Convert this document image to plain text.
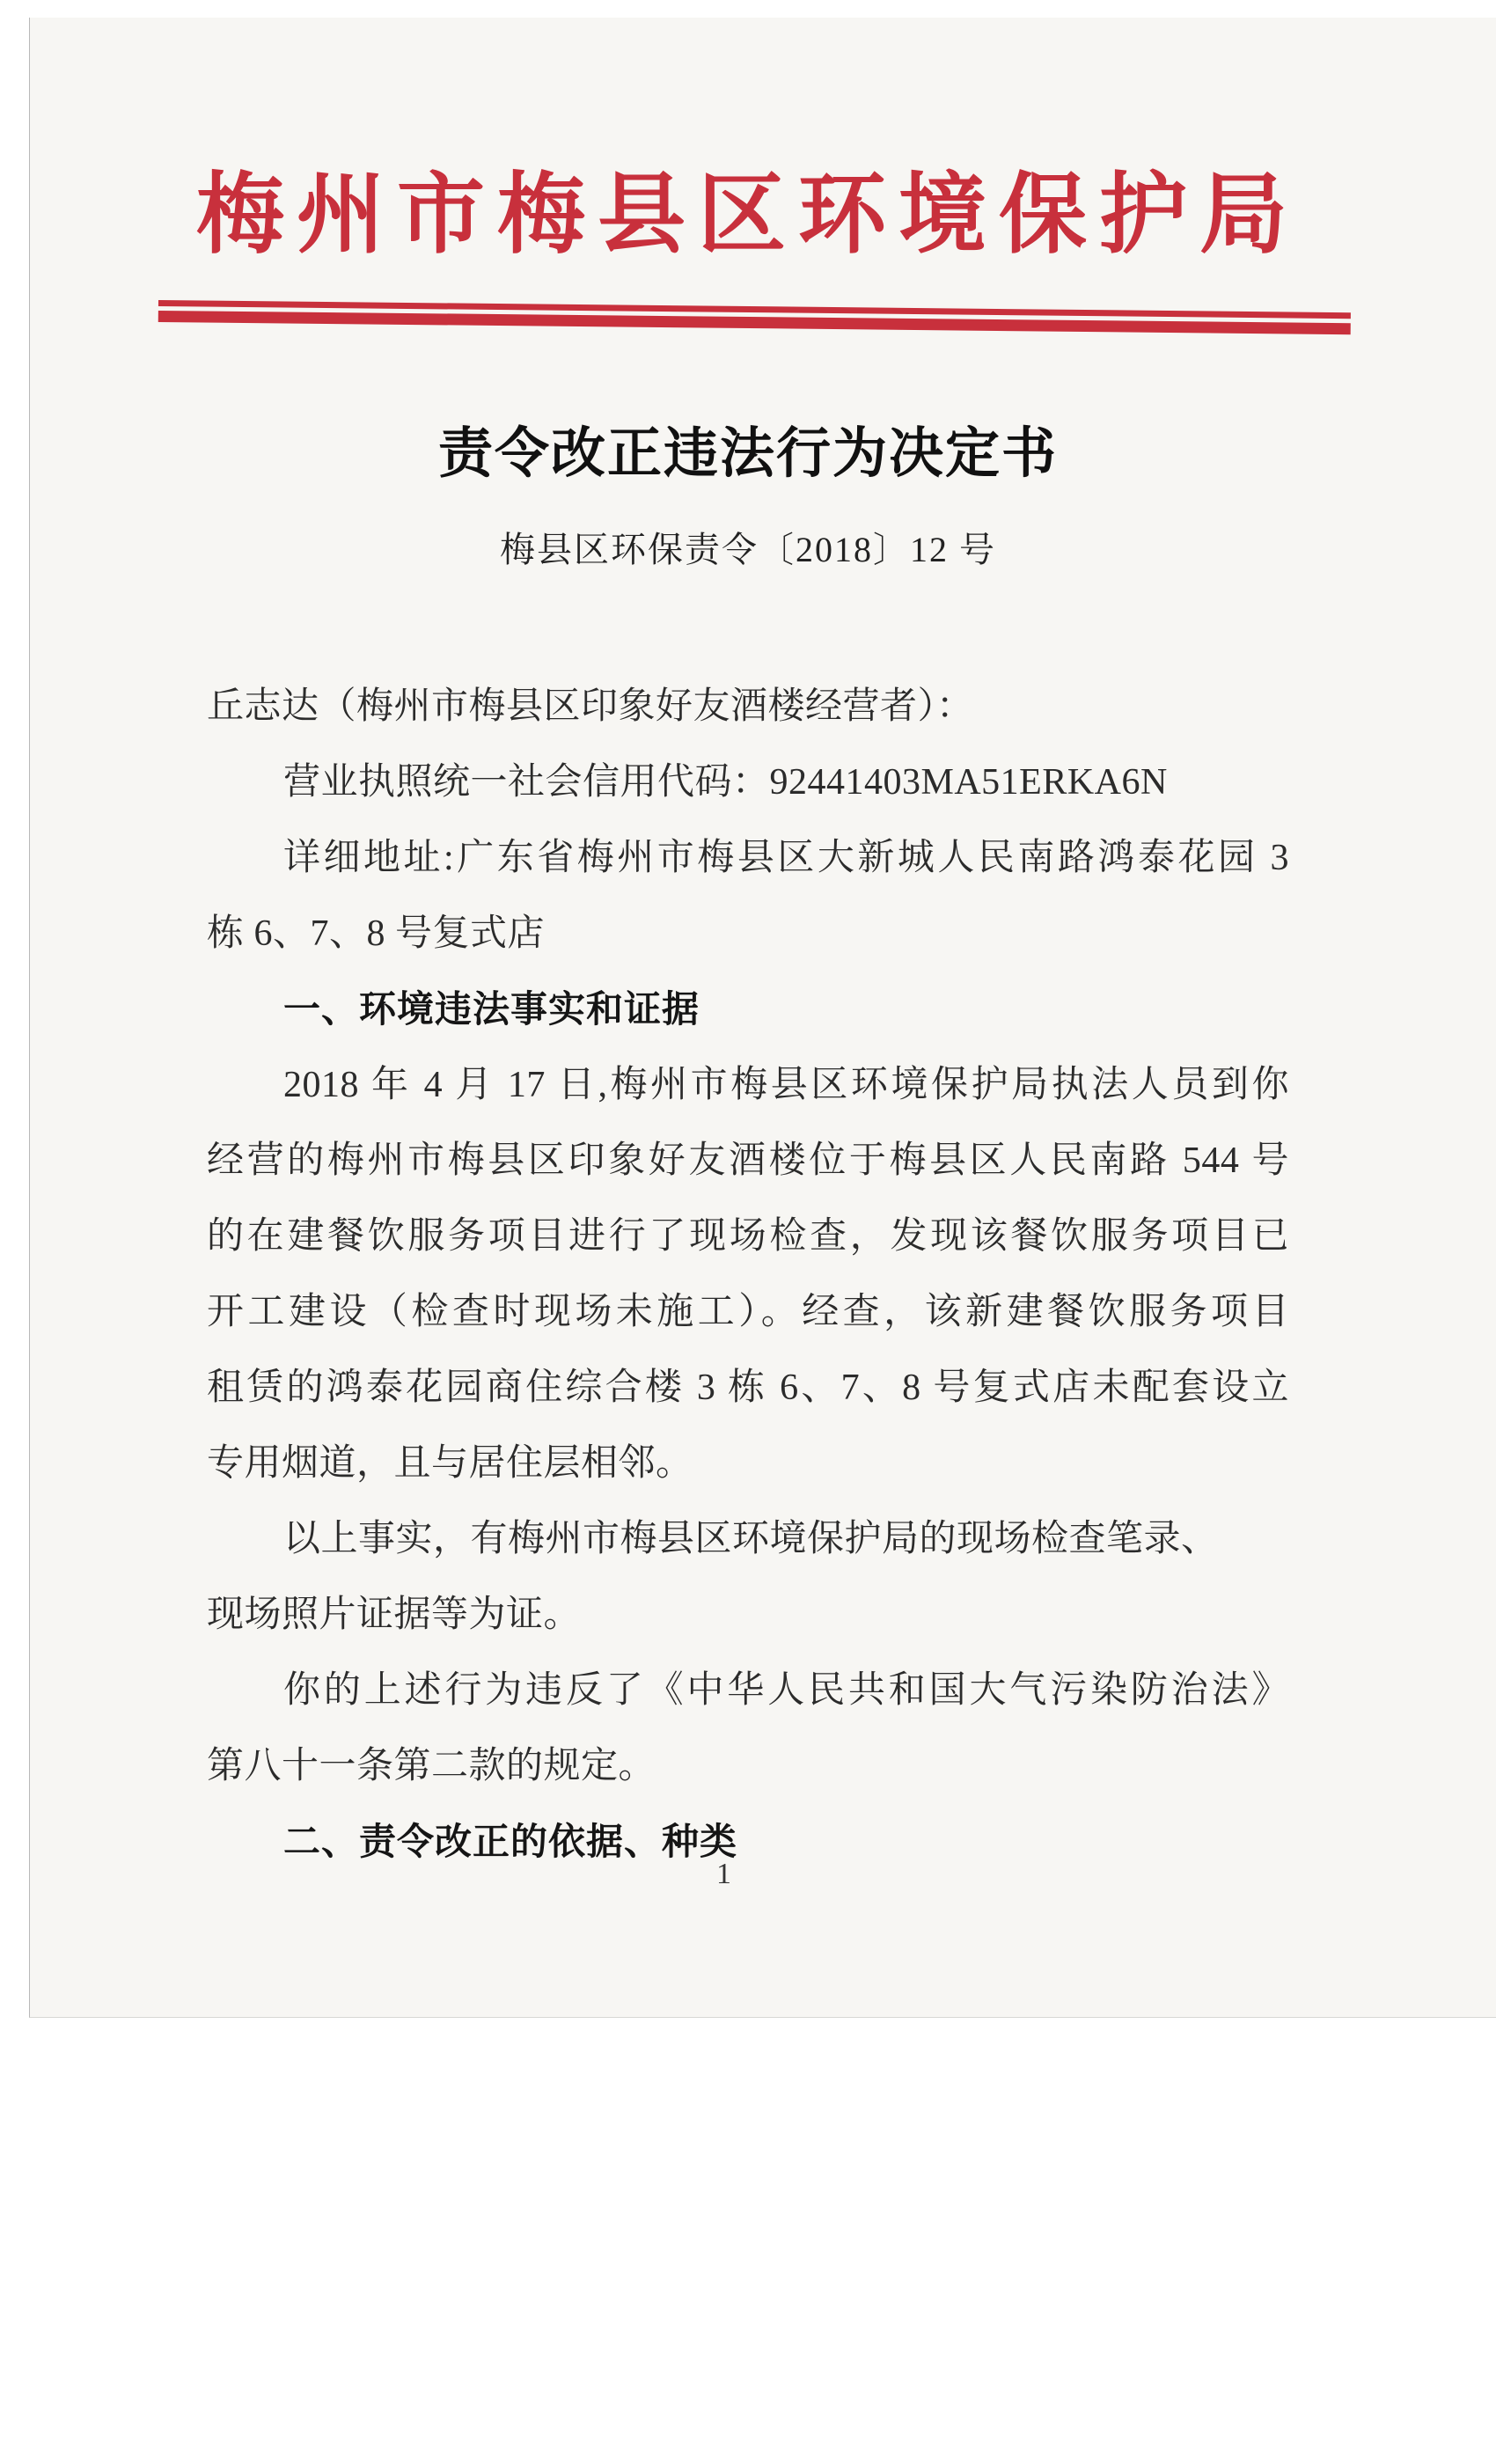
梅州市梅县区环境保护局
责令改正违法行为决定书
梅县区环保责令〔2018〕12 号
丘志达（梅州市梅县区印象好友酒楼经营者）：
营业执照统一社会信用代码：92441403MA51ERKA6N
详细地址:广东省梅州市梅县区大新城人民南路鸿泰花园 3
栋 6、7、8 号复式店
一、环境违法事实和证据
2018 年 4 月 17 日,梅州市梅县区环境保护局执法人员到你
经营的梅州市梅县区印象好友酒楼位于梅县区人民南路 544 号
的在建餐饮服务项目进行了现场检查，发现该餐饮服务项目已
开工建设（检查时现场未施工）。经查，该新建餐饮服务项目
租赁的鸿泰花园商住综合楼 3 栋 6、7、8 号复式店未配套设立
专用烟道，且与居住层相邻。
以上事实，有梅州市梅县区环境保护局的现场检查笔录、
现场照片证据等为证。
你的上述行为违反了《中华人民共和国大气污染防治法》
第八十一条第二款的规定。
二、责令改正的依据、种类
1
